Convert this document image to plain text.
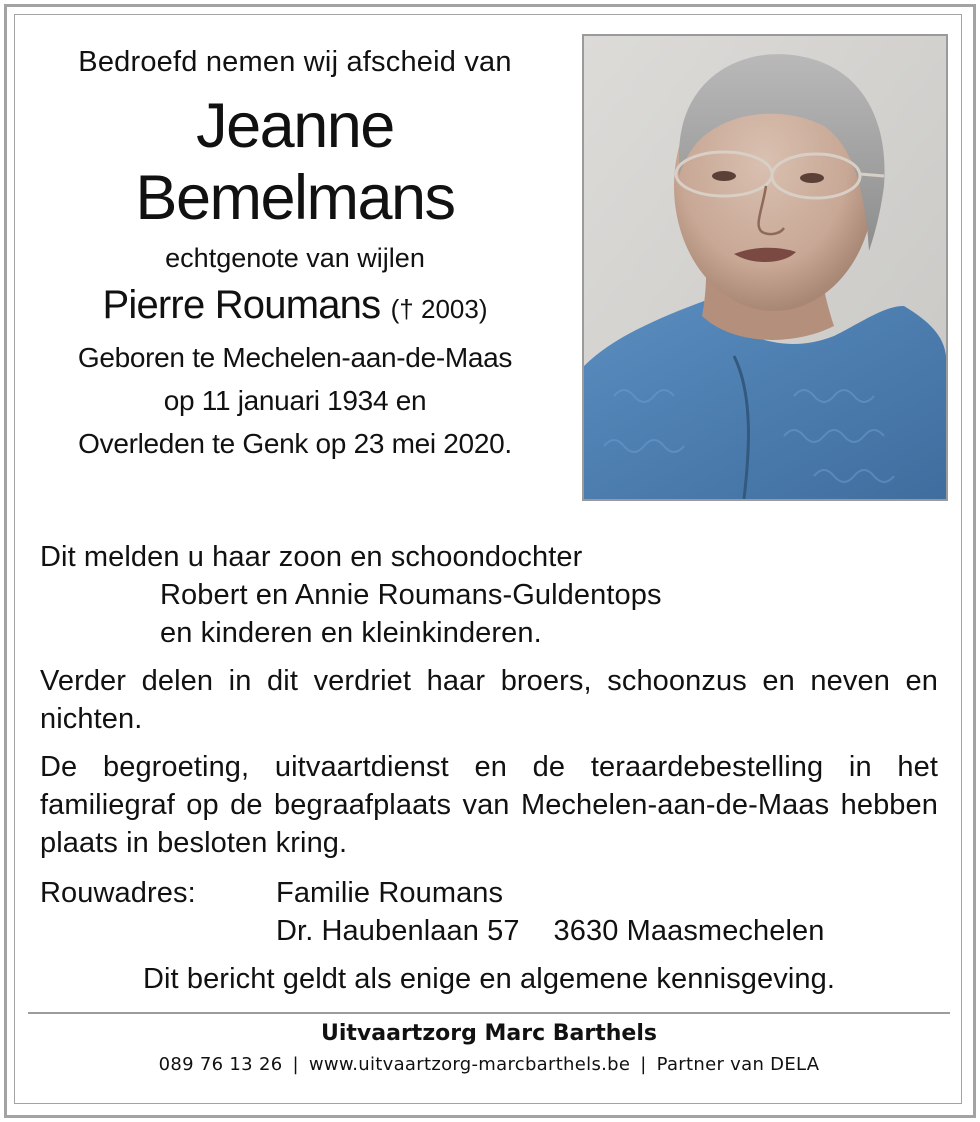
Bedroefd nemen wij afscheid van
Jeanne
Bemelmans
echtgenote van wijlen
Pierre Roumans († 2003)
Geboren te Mechelen-aan-de-Maas
op 11 januari 1934 en
Overleden te Genk op 23 mei 2020.

Dit melden u haar zoon en schoondochter

Robert en Annie Roumans-Guldentops

en kinderen en kleinkinderen.

Verder delen in dit verdriet haar broers, schoonzus en neven en nichten.

De begroeting, uitvaartdienst en de teraardebestelling in het familiegraf op de begraafplaats van Mechelen-aan-de-Maas hebben plaats in besloten kring.

Rouwadres:	Familie Roumans
Dr. Haubenlaan 57 3630 Maasmechelen

Dit bericht geldt als enige en algemene kennisgeving.

Uitvaartzorg Marc Barthels
089 76 13 26 | www.uitvaartzorg-marcbarthels.be | Partner van DELA
